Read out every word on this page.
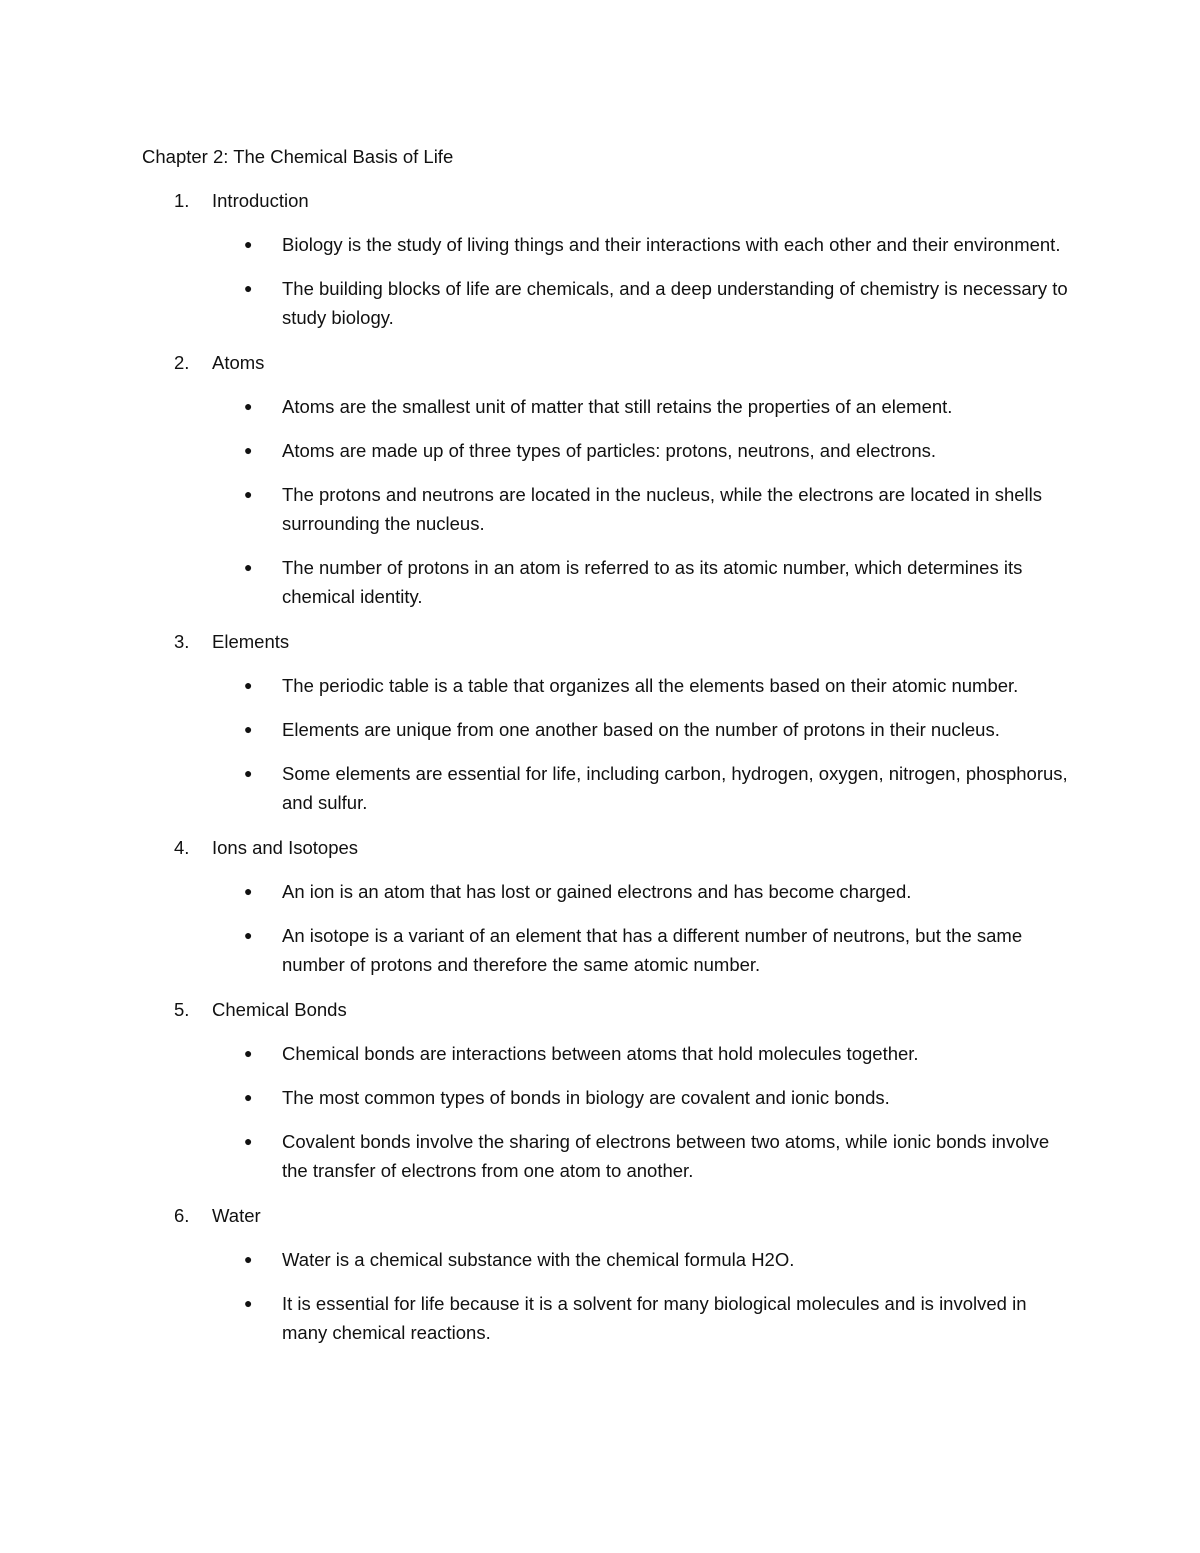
Chapter 2: The Chemical Basis of Life
1.	Introduction
●	Biology is the study of living things and their interactions with each other and their environment.
●	The building blocks of life are chemicals, and a deep understanding of chemistry is necessary to study biology.
2.	Atoms
●	Atoms are the smallest unit of matter that still retains the properties of an element.
●	Atoms are made up of three types of particles: protons, neutrons, and electrons.
●	The protons and neutrons are located in the nucleus, while the electrons are located in shells surrounding the nucleus.
●	The number of protons in an atom is referred to as its atomic number, which determines its chemical identity.
3.	Elements
●	The periodic table is a table that organizes all the elements based on their atomic number.
●	Elements are unique from one another based on the number of protons in their nucleus.
●	Some elements are essential for life, including carbon, hydrogen, oxygen, nitrogen, phosphorus, and sulfur.
4.	Ions and Isotopes
●	An ion is an atom that has lost or gained electrons and has become charged.
●	An isotope is a variant of an element that has a different number of neutrons, but the same number of protons and therefore the same atomic number.
5.	Chemical Bonds
●	Chemical bonds are interactions between atoms that hold molecules together.
●	The most common types of bonds in biology are covalent and ionic bonds.
●	Covalent bonds involve the sharing of electrons between two atoms, while ionic bonds involve the transfer of electrons from one atom to another.
6.	Water
●	Water is a chemical substance with the chemical formula H2O.
●	It is essential for life because it is a solvent for many biological molecules and is involved in many chemical reactions.
